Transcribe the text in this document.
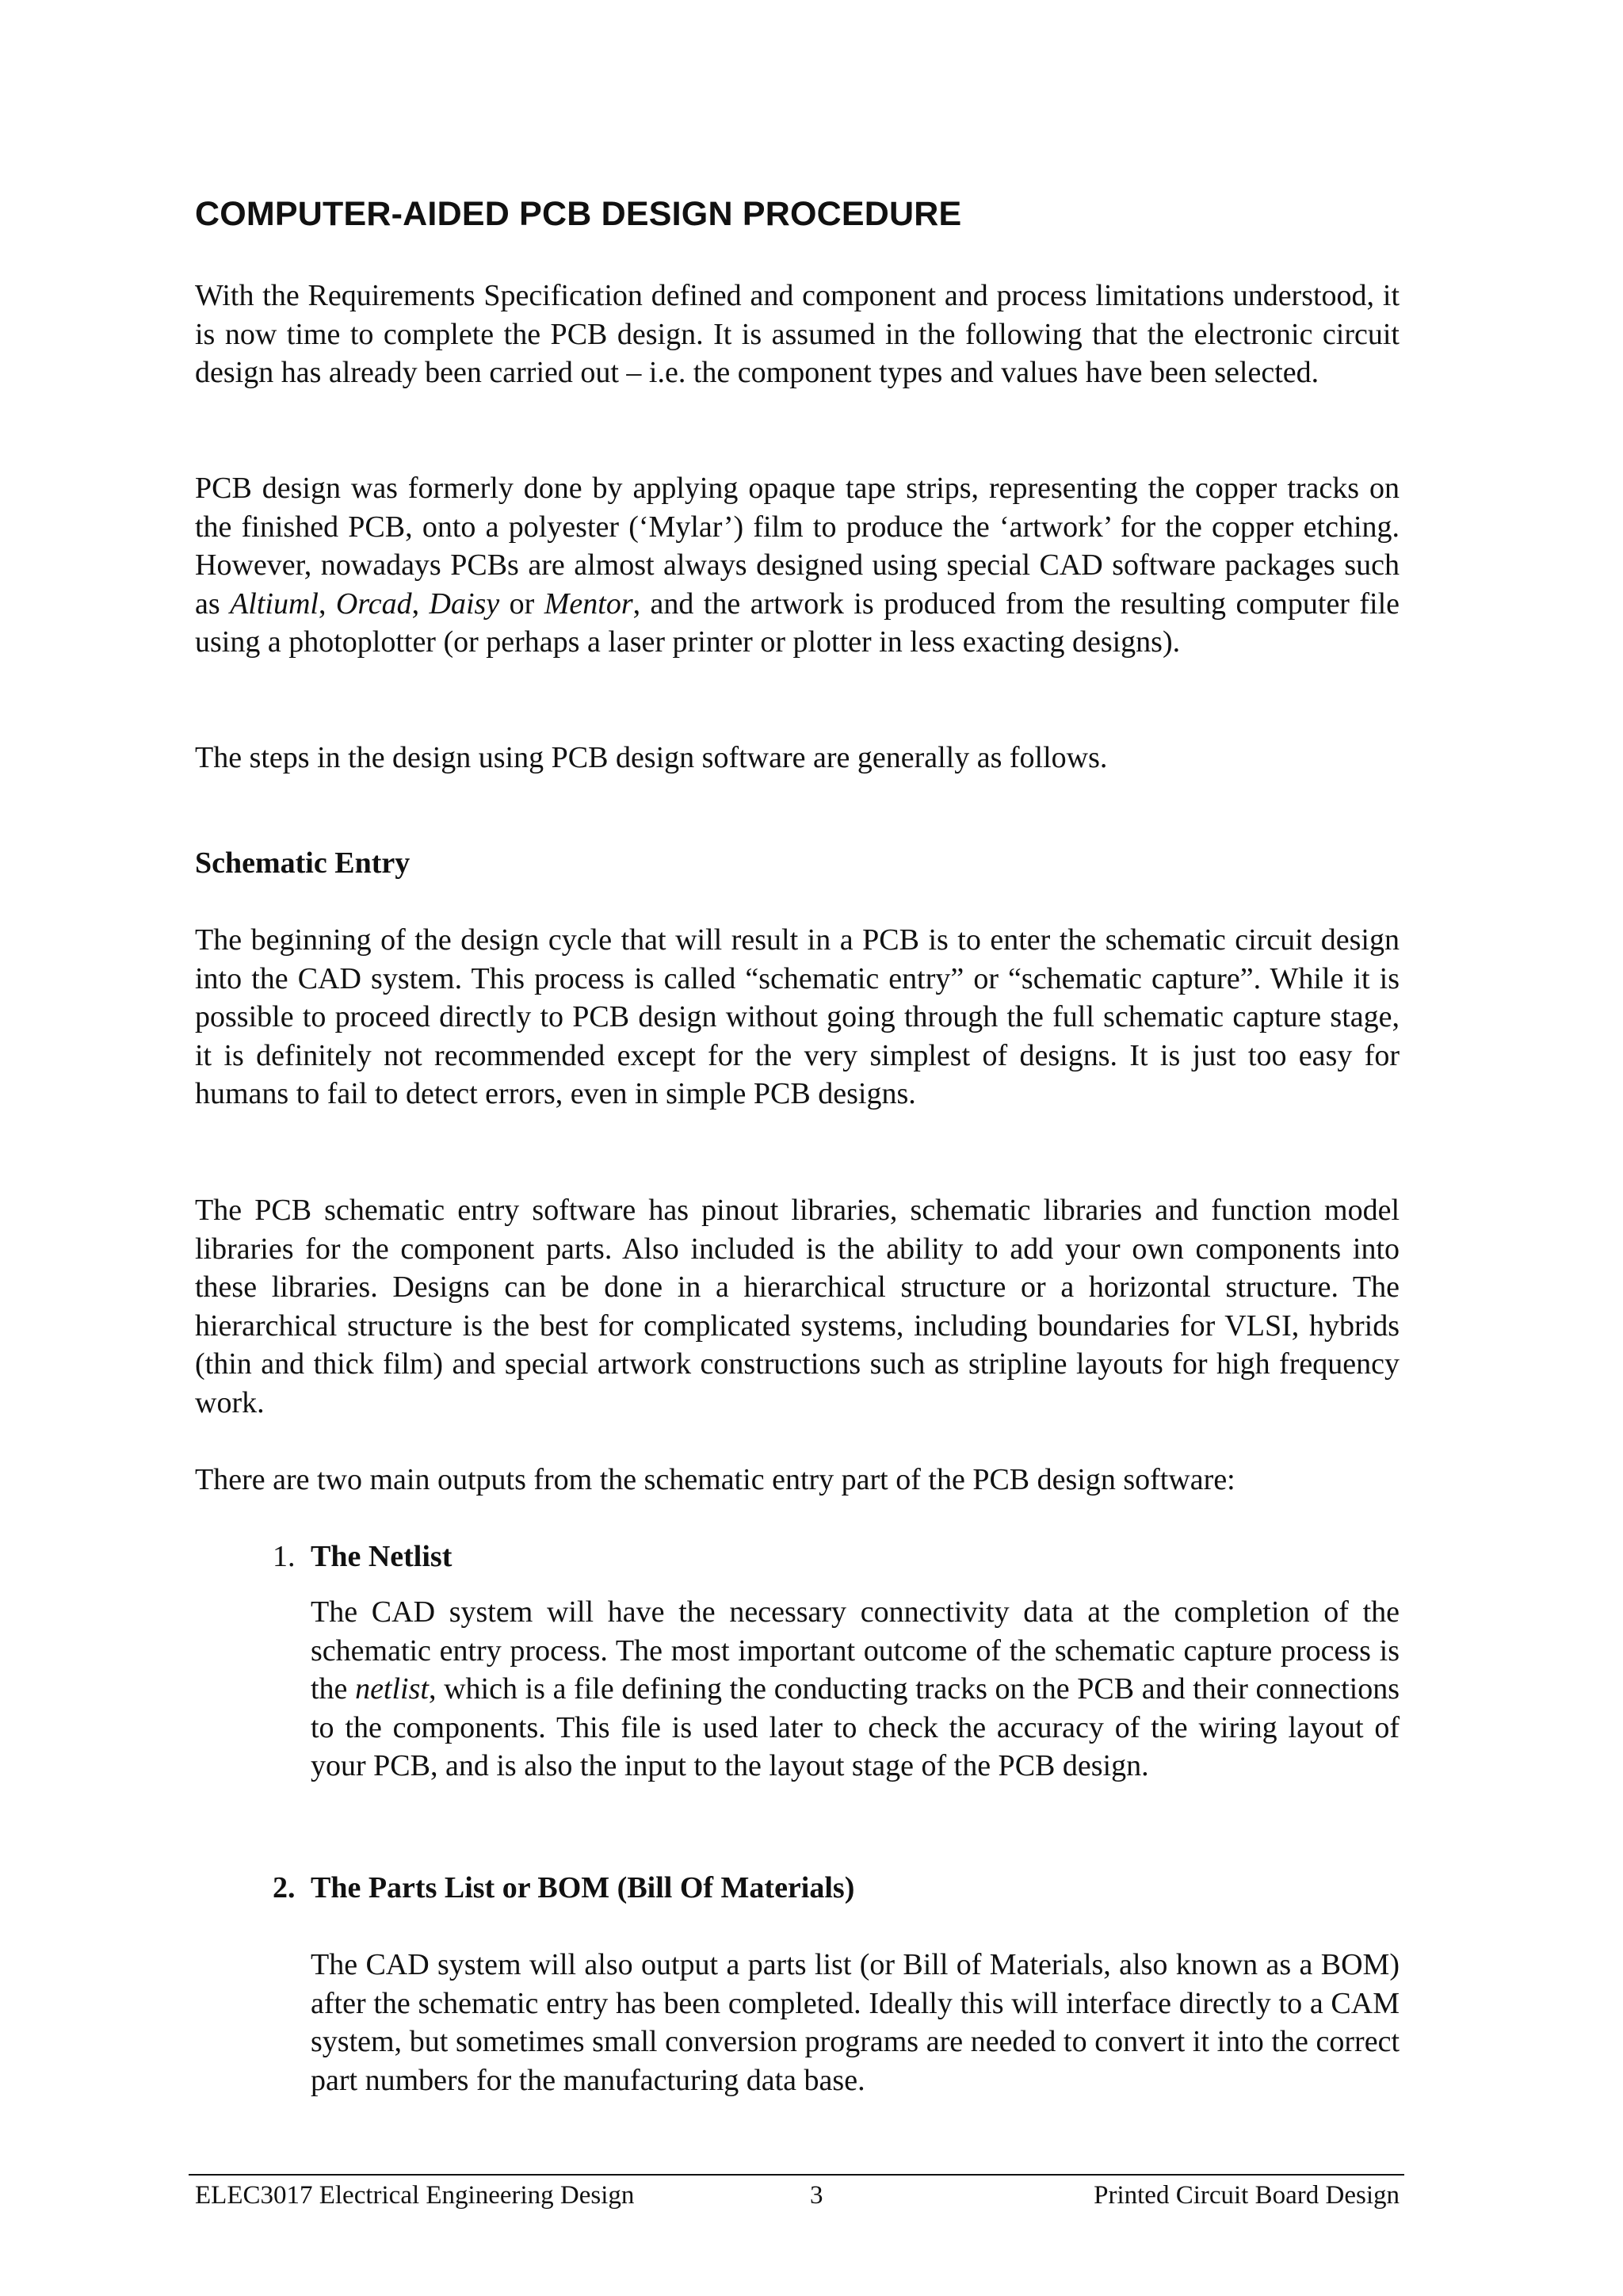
COMPUTER-AIDED PCB DESIGN PROCEDURE

With the Requirements Specification defined and component and process limitations understood, it is now time to complete the PCB design. It is assumed in the following that the electronic circuit design has already been carried out – i.e. the component types and values have been selected.

PCB design was formerly done by applying opaque tape strips, representing the copper tracks on the finished PCB, onto a polyester (‘Mylar’) film to produce the ‘artwork’ for the copper etching. However, nowadays PCBs are almost always designed using special CAD software packages such as Altiuml, Orcad, Daisy or Mentor, and the artwork is produced from the resulting computer file using a photoplotter (or perhaps a laser printer or plotter in less exacting designs).

The steps in the design using PCB design software are generally as follows.

Schematic Entry

The beginning of the design cycle that will result in a PCB is to enter the schematic circuit design into the CAD system. This process is called “schematic entry” or “schematic capture”. While it is possible to proceed directly to PCB design without going through the full schematic capture stage, it is definitely not recommended except for the very simplest of designs. It is just too easy for humans to fail to detect errors, even in simple PCB designs.

The PCB schematic entry software has pinout libraries, schematic libraries and function model libraries for the component parts. Also included is the ability to add your own components into these libraries. Designs can be done in a hierarchical structure or a horizontal structure. The hierarchical structure is the best for complicated systems, including boundaries for VLSI, hybrids (thin and thick film) and special artwork constructions such as stripline layouts for high frequency work.

There are two main outputs from the schematic entry part of the PCB design software:

1. The Netlist

The CAD system will have the necessary connectivity data at the completion of the schematic entry process. The most important outcome of the schematic capture process is the netlist, which is a file defining the conducting tracks on the PCB and their connections to the components. This file is used later to check the accuracy of the wiring layout of your PCB, and is also the input to the layout stage of the PCB design.

2. The Parts List or BOM (Bill Of Materials)

The CAD system will also output a parts list (or Bill of Materials, also known as a BOM) after the schematic entry has been completed. Ideally this will interface directly to a CAM system, but sometimes small conversion programs are needed to convert it into the correct part numbers for the manufacturing data base.

ELEC3017 Electrical Engineering Design	3	Printed Circuit Board Design
